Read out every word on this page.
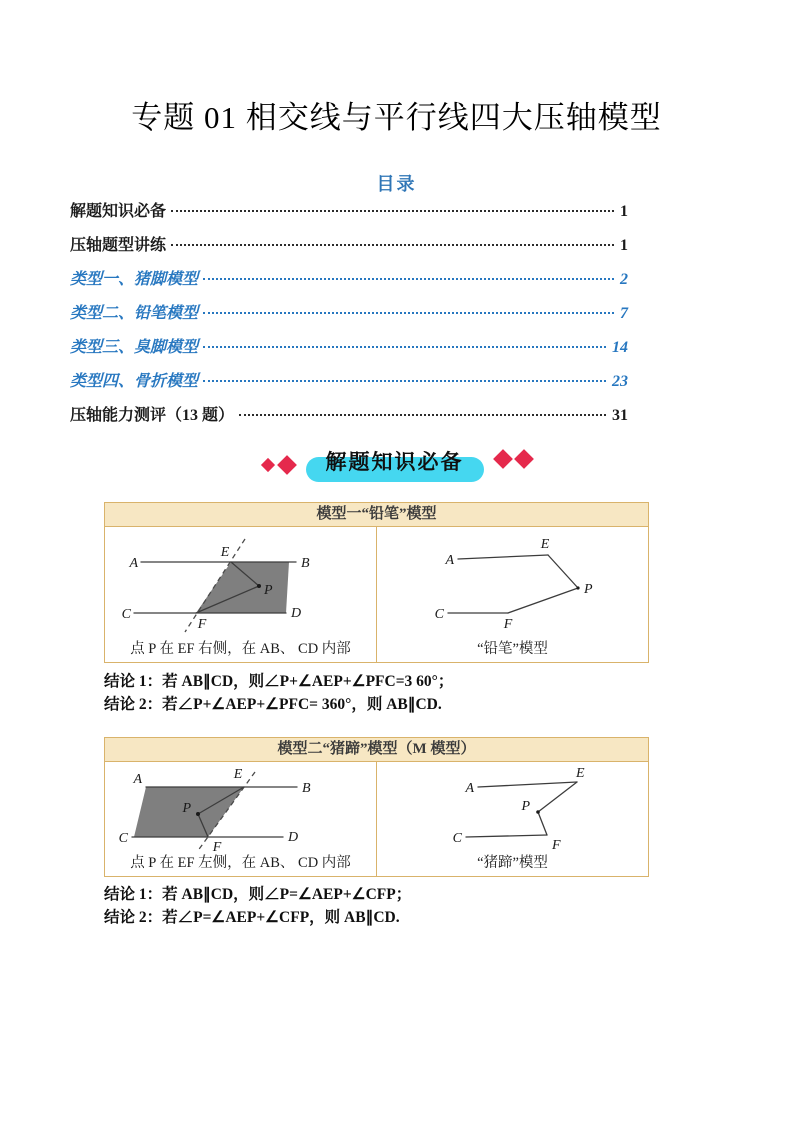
专题 01 相交线与平行线四大压轴模型
目录
解题知识必备	1
压轴题型讲练	1
类型一、猪脚模型	2
类型二、铅笔模型	7
类型三、臭脚模型	14
类型四、骨折模型	23
压轴能力测评（13 题）	31
解题知识必备
模型一“铅笔”模型
A
E
B
C	D
F
P
点 P 在 EF 右侧，在 AB、 CD 内部
A
E
P
C
F
“铅笔”模型
结论 1：若 AB∥CD，则∠P+∠AEP+∠PFC=3 60°；
结论 2：若∠P+∠AEP+∠PFC= 360°，则 AB∥CD.
模型二“猪蹄”模型（M 模型）
A	E
B
C	D
F
P
点 P 在 EF 左侧，在 AB、 CD 内部
A
E
P
C	F
“猪蹄”模型
结论 1：若 AB∥CD，则∠P=∠AEP+∠CFP；
结论 2：若∠P=∠AEP+∠CFP，则 AB∥CD.
